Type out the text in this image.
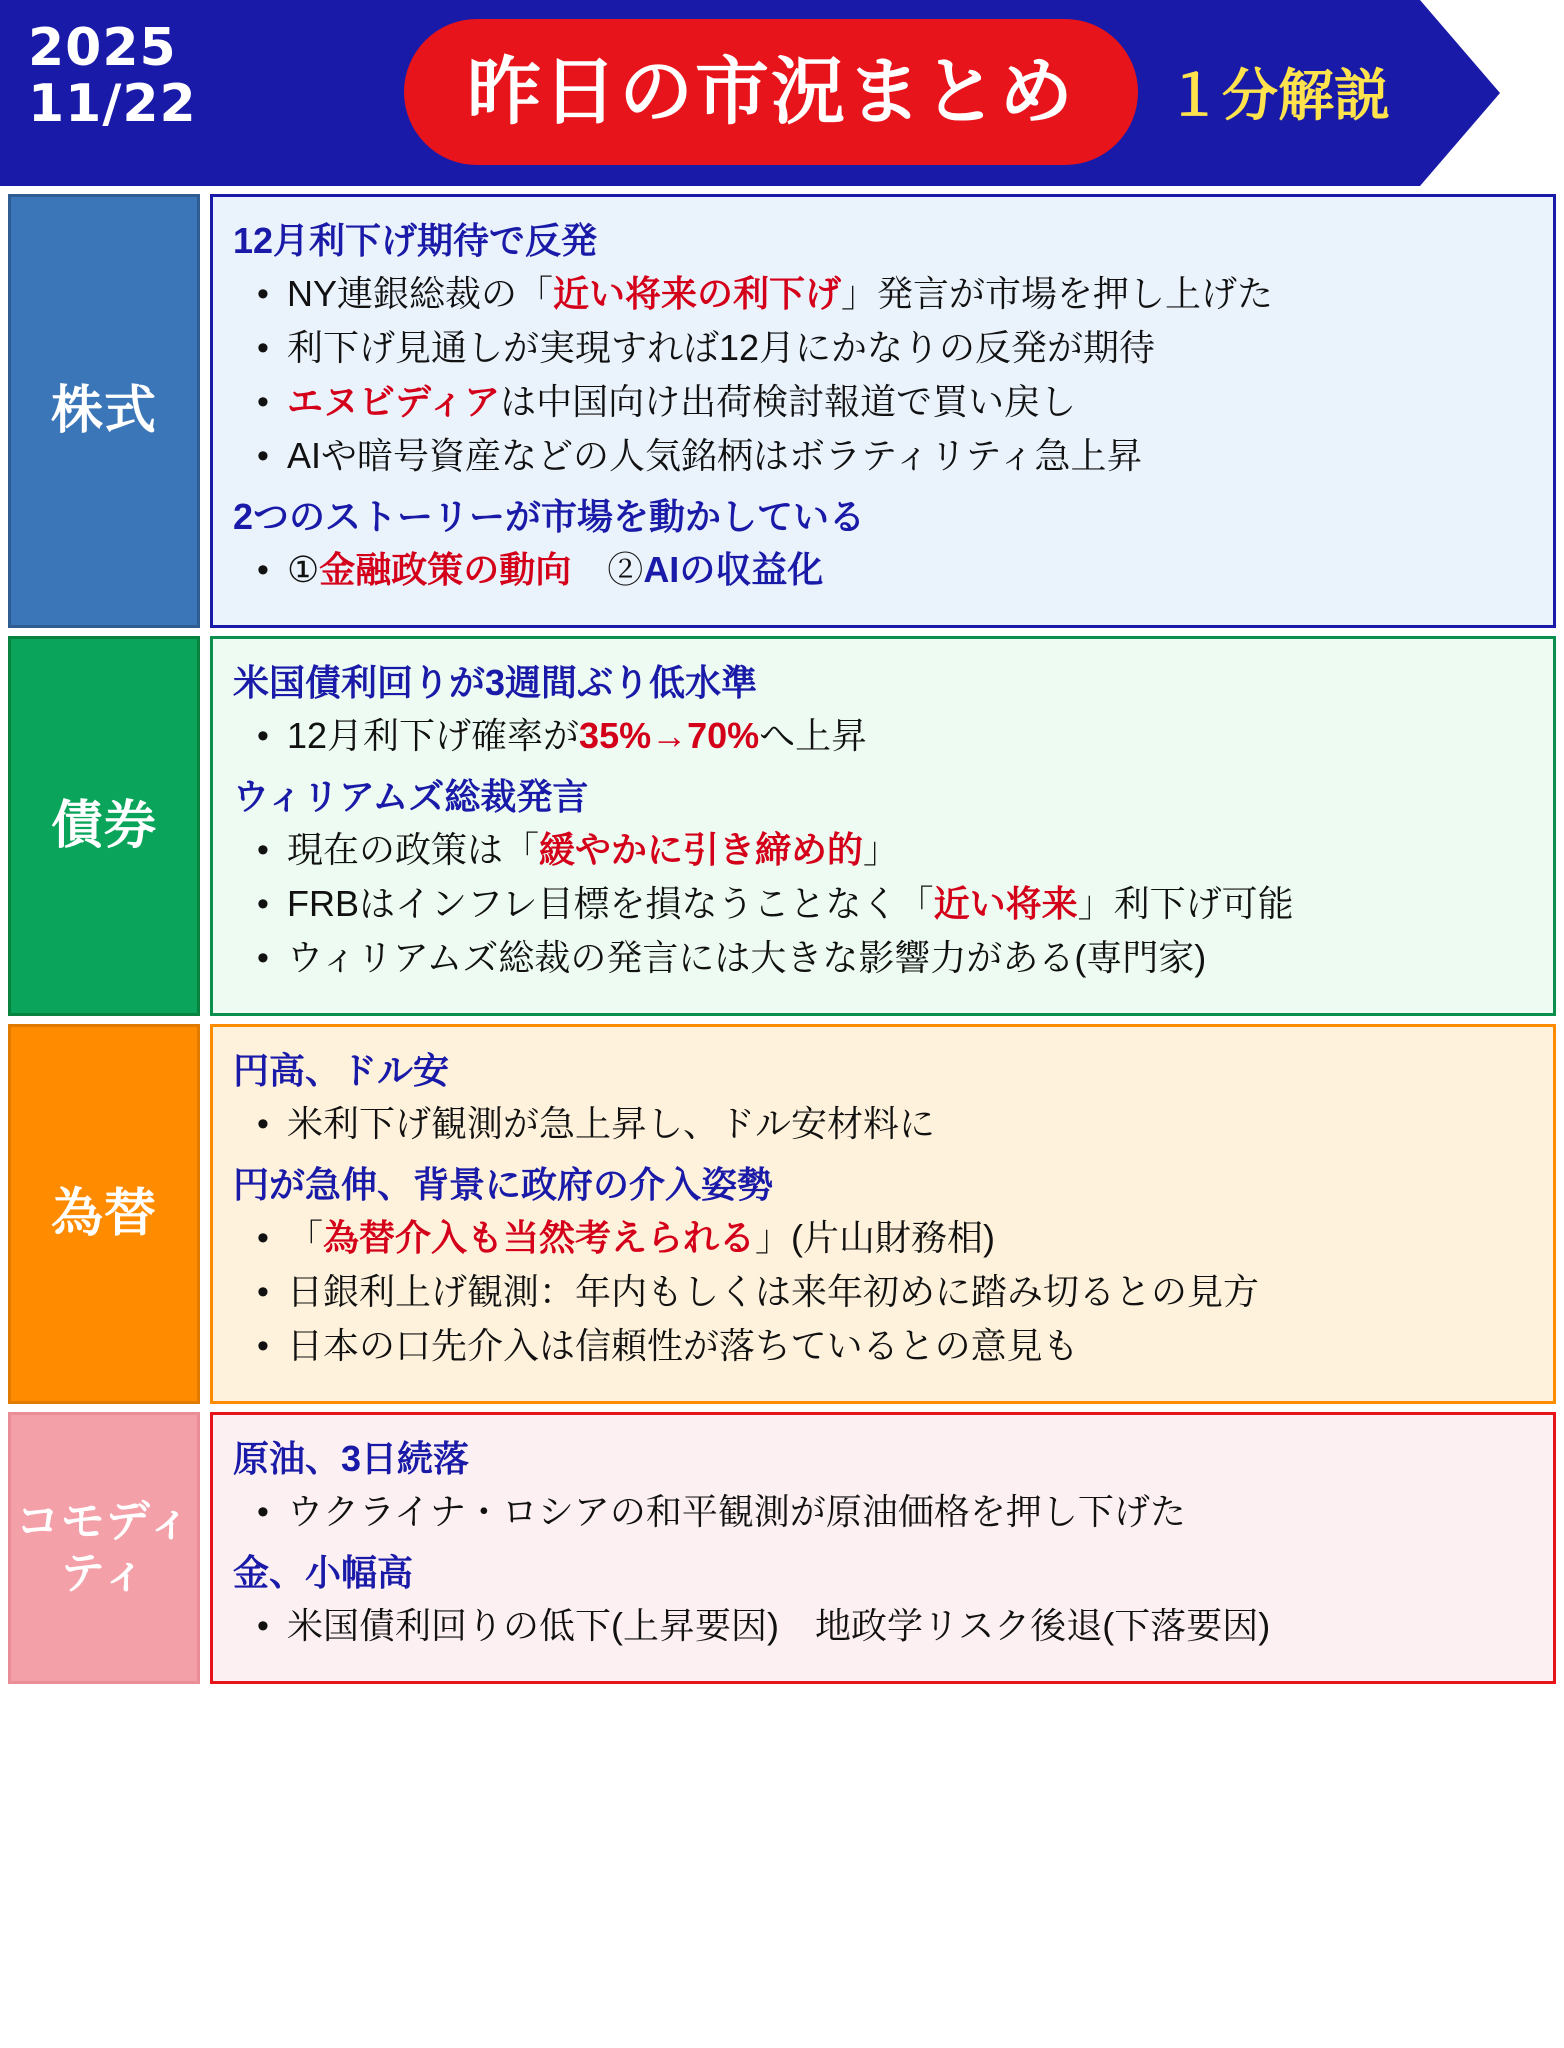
2025
11/22	昨日の市況まとめ １分解説
株式
12月利下げ期待で反発
• NY連銀総裁の「近い将来の利下げ」発言が市場を押し上げた
• 利下げ見通しが実現すれば12月にかなりの反発が期待
• エヌビディアは中国向け出荷検討報道で買い戻し
• AIや暗号資産などの人気銘柄はボラティリティ急上昇
2つのストーリーが市場を動かしている
• ①金融政策の動向　②AIの収益化
債券
米国債利回りが3週間ぶり低水準
• 12月利下げ確率が35%→70%へ上昇
ウィリアムズ総裁発言
• 現在の政策は「緩やかに引き締め的」
• FRBはインフレ目標を損なうことなく「近い将来」利下げ可能
• ウィリアムズ総裁の発言には大きな影響力がある(専門家)
為替
円高、ドル安
• 米利下げ観測が急上昇し、ドル安材料に
円が急伸、背景に政府の介入姿勢
• 「為替介入も当然考えられる」(片山財務相)
• 日銀利上げ観測：年内もしくは来年初めに踏み切るとの見方
• 日本の口先介入は信頼性が落ちているとの意見も
コモディティ
原油、3日続落
• ウクライナ・ロシアの和平観測が原油価格を押し下げた
金、小幅高
• 米国債利回りの低下(上昇要因)　地政学リスク後退(下落要因)
